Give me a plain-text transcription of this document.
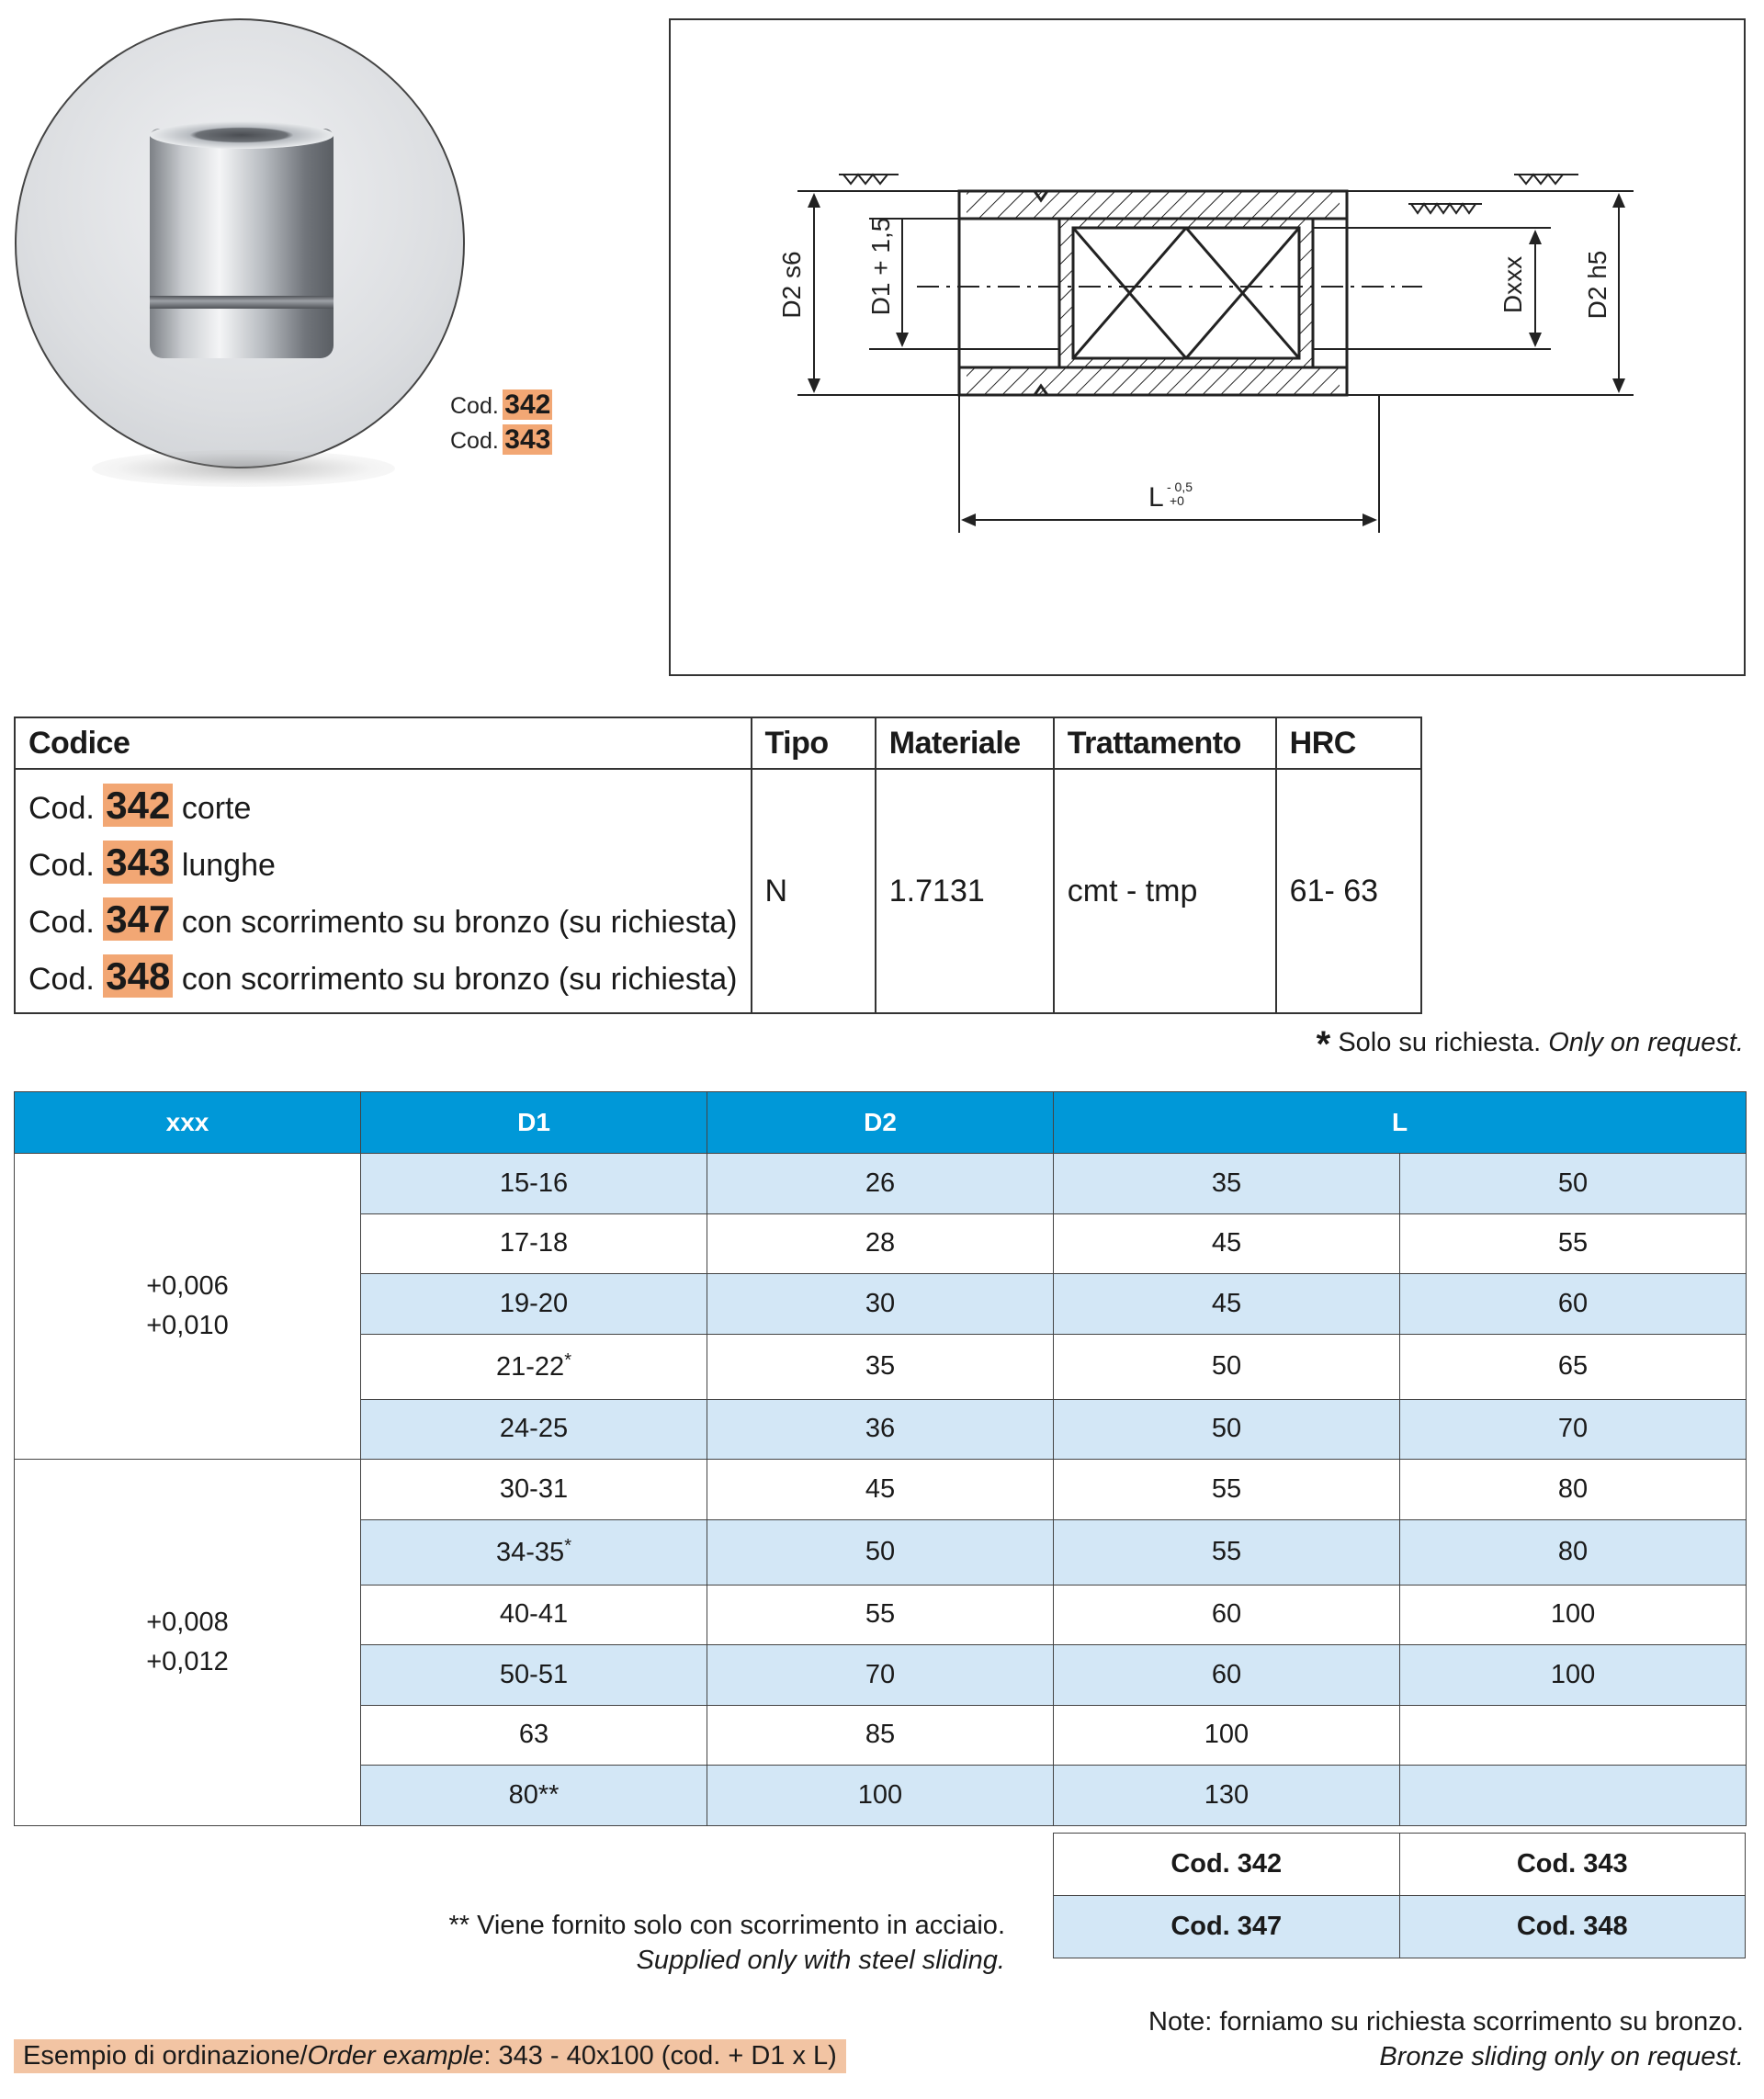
Cod. 342
Cod. 343
D2 s6 D1 + 1,5	Dxxx D2 h5
L - 0,5
+0
Codice	Tipo	Materiale	Trattamento	HRC

Cod. 342 corte
Cod. 343 lunghe
Cod. 347 con scorrimento su bronzo (su richiesta)
Cod. 348 con scorrimento su bronzo (su richiesta)	N	1.7131	cmt - tmp	61- 63
* Solo su richiesta. Only on request.
xxx	D1	D2	L	

+0,006
+0,010	15-16	26	35	50
	17-18	28	45	55
	19-20	30	45	60
	21-22*	35	50	65
	24-25	36	50	70

+0,008
+0,012	30-31	45	55	80
	34-35*	50	55	80
	40-41	55	60	100
	50-51	70	60	100
	63	85	100	
	80**	100	130	
Cod. 342	Cod. 343
Cod. 347	Cod. 348
** Viene fornito solo con scorrimento in acciaio.
Supplied only with steel sliding.
Note: forniamo su richiesta scorrimento su bronzo.
Bronze sliding only on request.
Esempio di ordinazione/Order example: 343 - 40x100 (cod. + D1 x L)
